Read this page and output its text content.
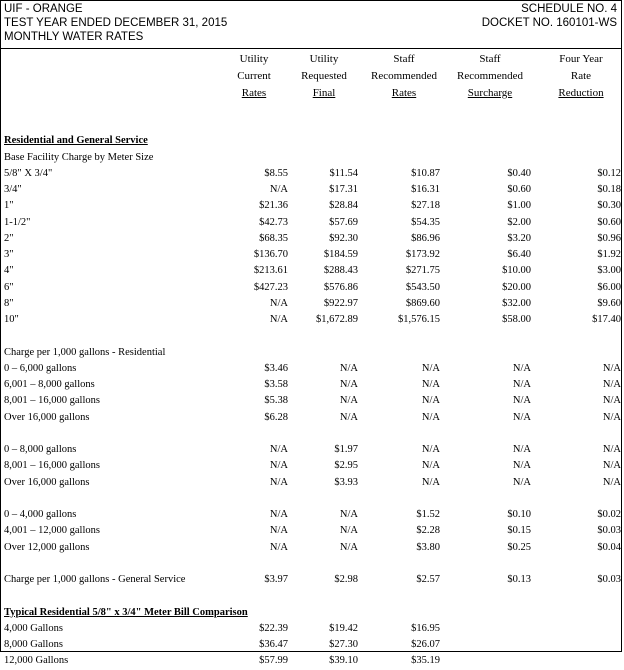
UIF - ORANGE
TEST YEAR ENDED DECEMBER 31, 2015
MONTHLY WATER RATES
SCHEDULE NO. 4
DOCKET NO. 160101-WS
Utility
Current
Rates
Utility
Requested
Final
Staff
Recommended
Rates
Staff
Recommended
Surcharge
Four Year
Rate
Reduction
Residential and General Service
Base Facility Charge by Meter Size
5/8" X 3/4"	$8.55	$11.54	$10.87	$0.40	$0.12
3/4"	N/A	$17.31	$16.31	$0.60	$0.18
1"	$21.36	$28.84	$27.18	$1.00	$0.30
1-1/2"	$42.73	$57.69	$54.35	$2.00	$0.60
2"	$68.35	$92.30	$86.96	$3.20	$0.96
3"	$136.70	$184.59	$173.92	$6.40	$1.92
4"	$213.61	$288.43	$271.75	$10.00	$3.00
6"	$427.23	$576.86	$543.50	$20.00	$6.00
8"	N/A	$922.97	$869.60	$32.00	$9.60
10"	N/A	$1,672.89	$1,576.15	$58.00	$17.40
Charge per 1,000 gallons - Residential
0 – 6,000 gallons	$3.46	N/A	N/A	N/A	N/A
6,001 – 8,000 gallons	$3.58	N/A	N/A	N/A	N/A
8,001 – 16,000 gallons	$5.38	N/A	N/A	N/A	N/A
Over 16,000 gallons	$6.28	N/A	N/A	N/A	N/A
0 – 8,000 gallons	N/A	$1.97	N/A	N/A	N/A
8,001 – 16,000 gallons	N/A	$2.95	N/A	N/A	N/A
Over 16,000 gallons	N/A	$3.93	N/A	N/A	N/A
0 – 4,000 gallons	N/A	N/A	$1.52	$0.10	$0.02
4,001 – 12,000 gallons	N/A	N/A	$2.28	$0.15	$0.03
Over 12,000 gallons	N/A	N/A	$3.80	$0.25	$0.04
Charge per 1,000 gallons - General Service	$3.97	$2.98	$2.57	$0.13	$0.03
Typical Residential 5/8" x 3/4" Meter Bill Comparison
4,000 Gallons	$22.39	$19.42	$16.95
8,000 Gallons	$36.47	$27.30	$26.07
12,000 Gallons	$57.99	$39.10	$35.19
